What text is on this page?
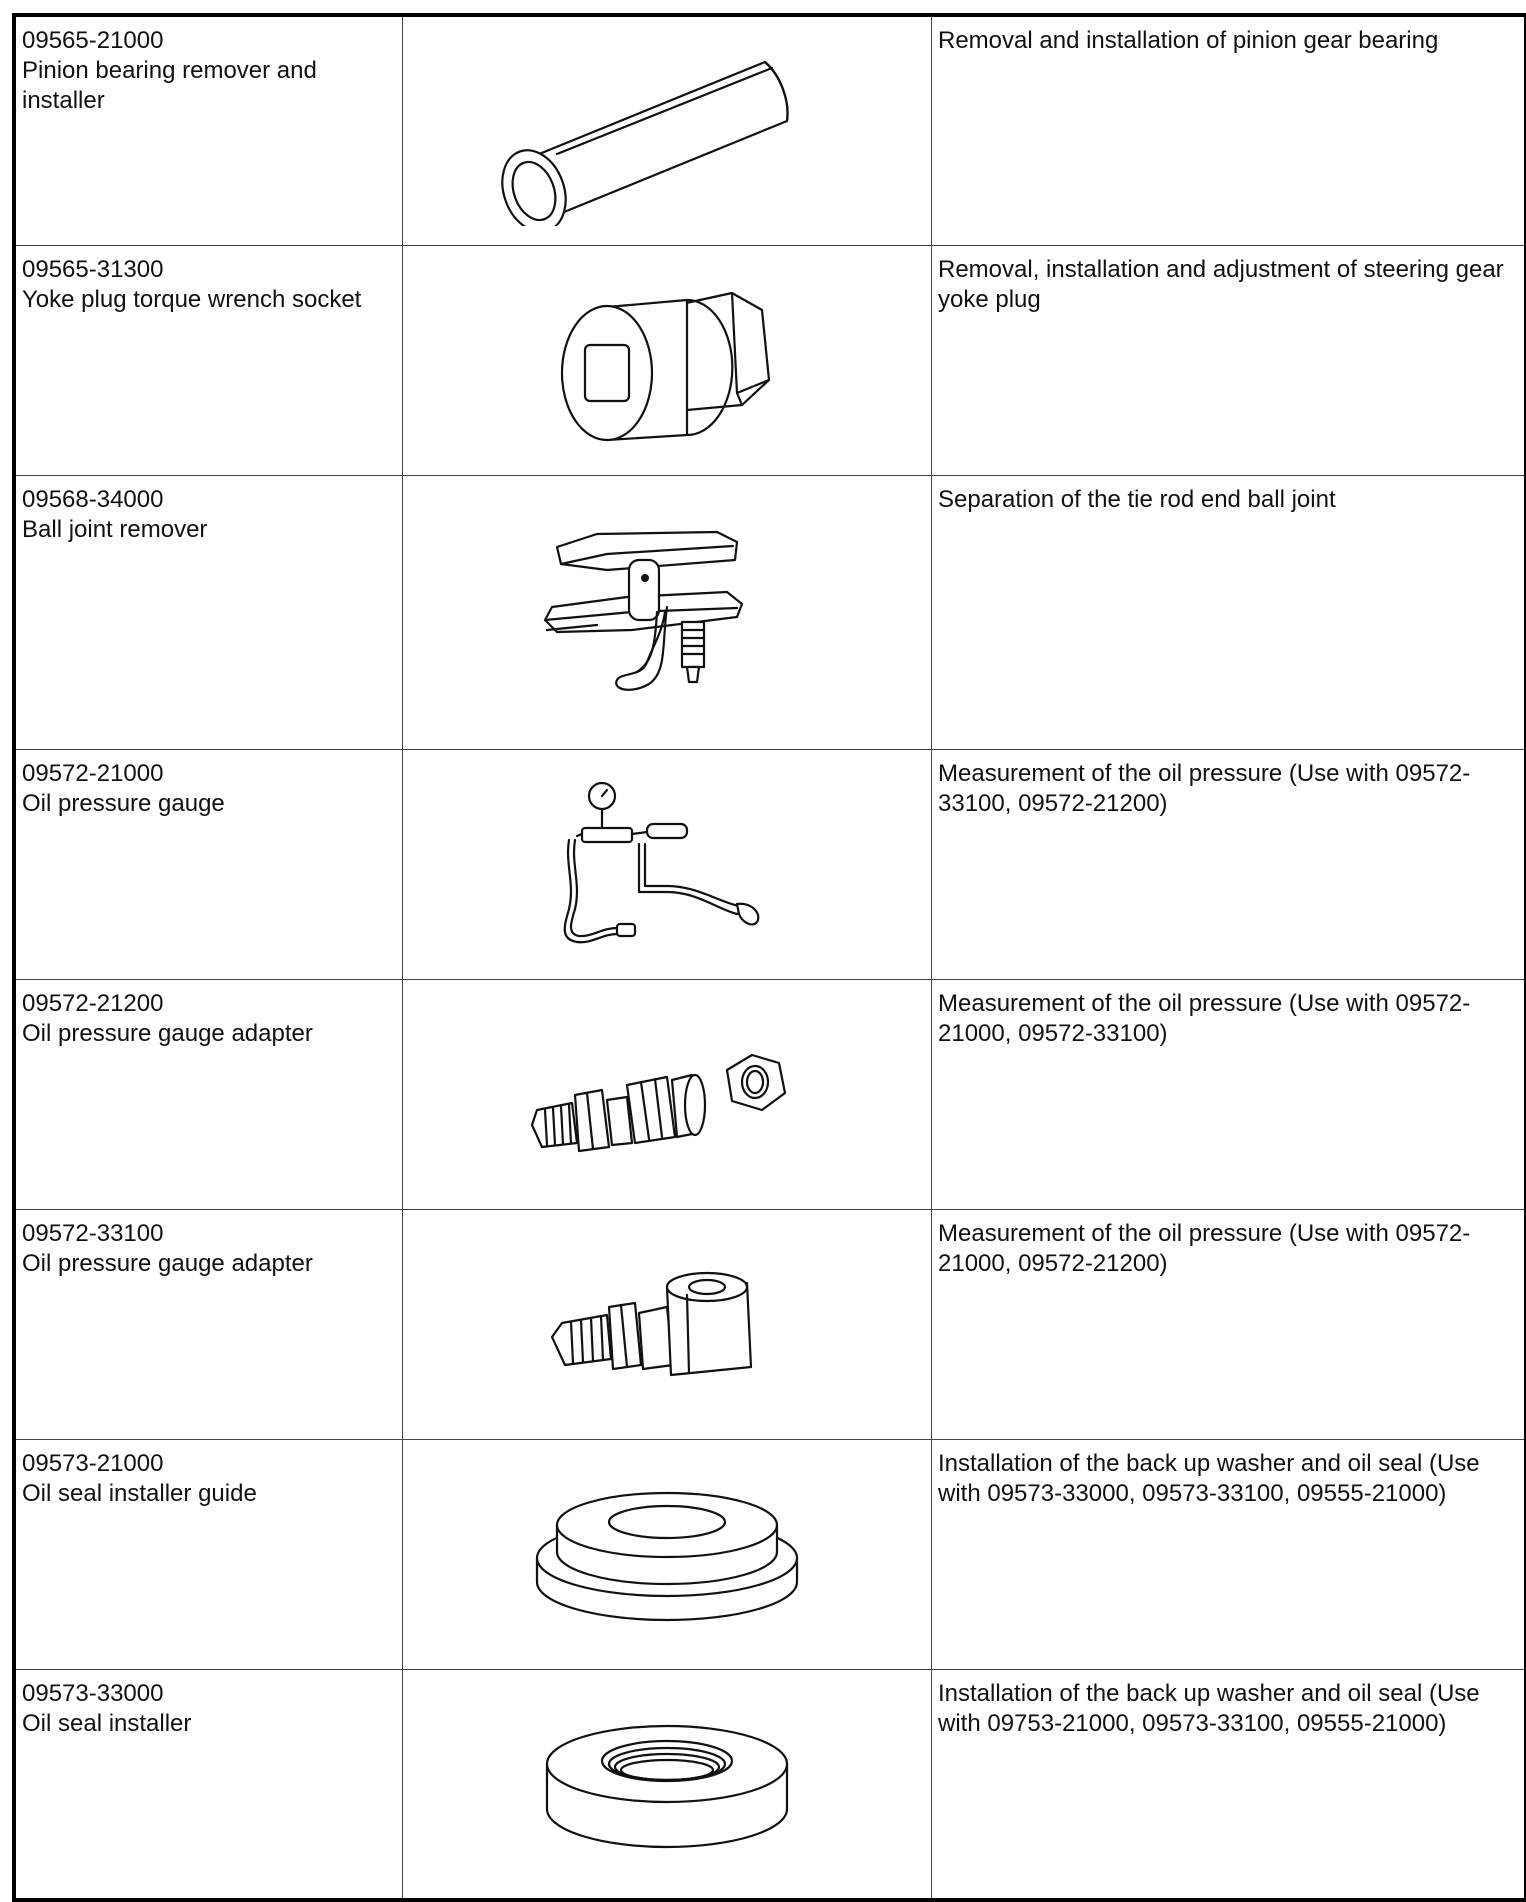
09565-21000
Pinion bearing remover and installer		Removal and installation of pinion gear bearing

09565-31300
Yoke plug torque wrench socket		Removal, installation and adjustment of steering gear yoke plug

09568-34000
Ball joint remover		Separation of the tie rod end ball joint

09572-21000
Oil pressure gauge		Measurement of the oil pressure (Use with 09572-33100, 09572-21200)

09572-21200
Oil pressure gauge adapter		Measurement of the oil pressure (Use with 09572-21000, 09572-33100)

09572-33100
Oil pressure gauge adapter		Measurement of the oil pressure (Use with 09572-21000, 09572-21200)

09573-21000
Oil seal installer guide		Installation of the back up washer and oil seal (Use with 09573-33000, 09573-33100, 09555-21000)

09573-33000
Oil seal installer		Installation of the back up washer and oil seal (Use with 09753-21000, 09573-33100, 09555-21000)
